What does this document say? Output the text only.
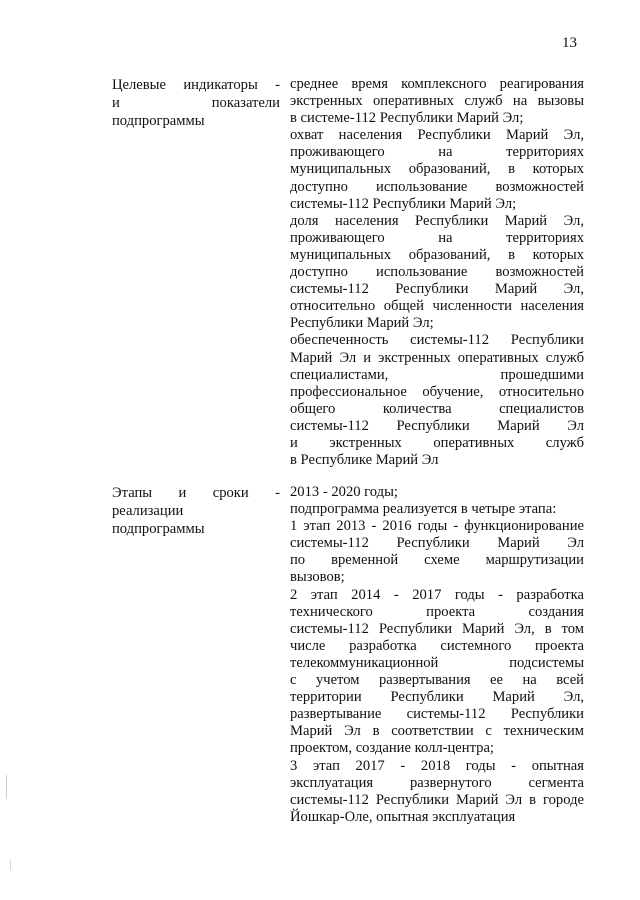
13
Целевые индикаторы -
и показатели
подпрограммы
среднее время комплексного реагирования
экстренных оперативных служб на вызовы
в системе-112 Республики Марий Эл;
охват населения Республики Марий Эл,
проживающего на территориях
муниципальных образований, в которых
доступно использование возможностей
системы-112 Республики Марий Эл;
доля населения Республики Марий Эл,
проживающего на территориях
муниципальных образований, в которых
доступно использование возможностей
системы-112 Республики Марий Эл,
относительно общей численности населения
Республики Марий Эл;
обеспеченность системы-112 Республики
Марий Эл и экстренных оперативных служб
специалистами, прошедшими
профессиональное обучение, относительно
общего количества специалистов
системы-112 Республики Марий Эл
и экстренных оперативных служб
в Республике Марий Эл
Этапы и сроки -
реализации
подпрограммы
2013 - 2020 годы;
подпрограмма реализуется в четыре этапа:
1 этап 2013 - 2016 годы - функционирование
системы-112 Республики Марий Эл
по временной схеме маршрутизации
вызовов;
2 этап 2014 - 2017 годы - разработка
технического проекта создания
системы-112 Республики Марий Эл, в том
числе разработка системного проекта
телекоммуникационной подсистемы
с учетом развертывания ее на всей
территории Республики Марий Эл,
развертывание системы-112 Республики
Марий Эл в соответствии с техническим
проектом, создание колл-центра;
3 этап 2017 - 2018 годы - опытная
эксплуатация развернутого сегмента
системы-112 Республики Марий Эл в городе
Йошкар-Оле, опытная эксплуатация
